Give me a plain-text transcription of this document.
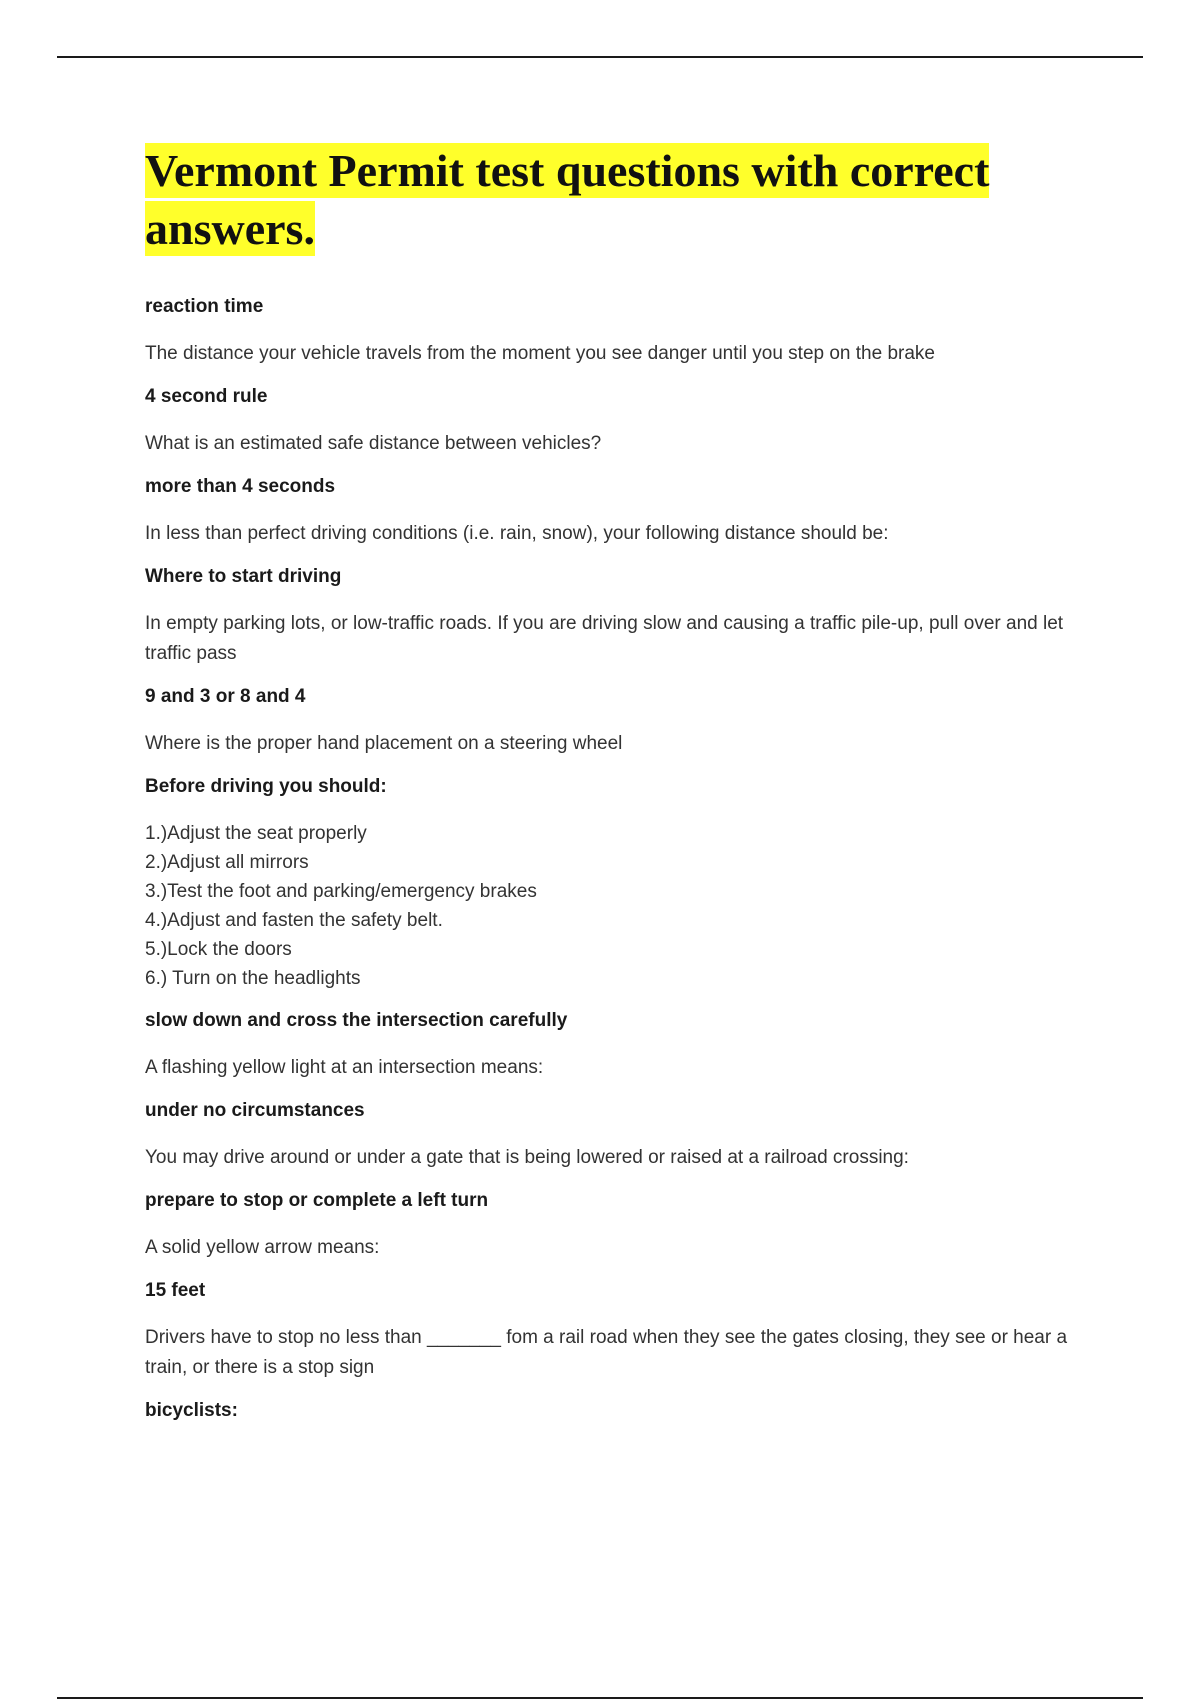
Vermont Permit test questions with correct answers.
reaction time
The distance your vehicle travels from the moment you see danger until you step on the brake
4 second rule
What is an estimated safe distance between vehicles?
more than 4 seconds
In less than perfect driving conditions (i.e. rain, snow), your following distance should be:
Where to start driving
In empty parking lots, or low-traffic roads. If you are driving slow and causing a traffic pile-up, pull over and let traffic pass
9 and 3 or 8 and 4
Where is the proper hand placement on a steering wheel
Before driving you should:
1.)Adjust the seat properly
2.)Adjust all mirrors
3.)Test the foot and parking/emergency brakes
4.)Adjust and fasten the safety belt.
5.)Lock the doors
6.) Turn on the headlights
slow down and cross the intersection carefully
A flashing yellow light at an intersection means:
under no circumstances
You may drive around or under a gate that is being lowered or raised at a railroad crossing:
prepare to stop or complete a left turn
A solid yellow arrow means:
15 feet
Drivers have to stop no less than _______ fom a rail road when they see the gates closing, they see or hear a train, or there is a stop sign
bicyclists:
